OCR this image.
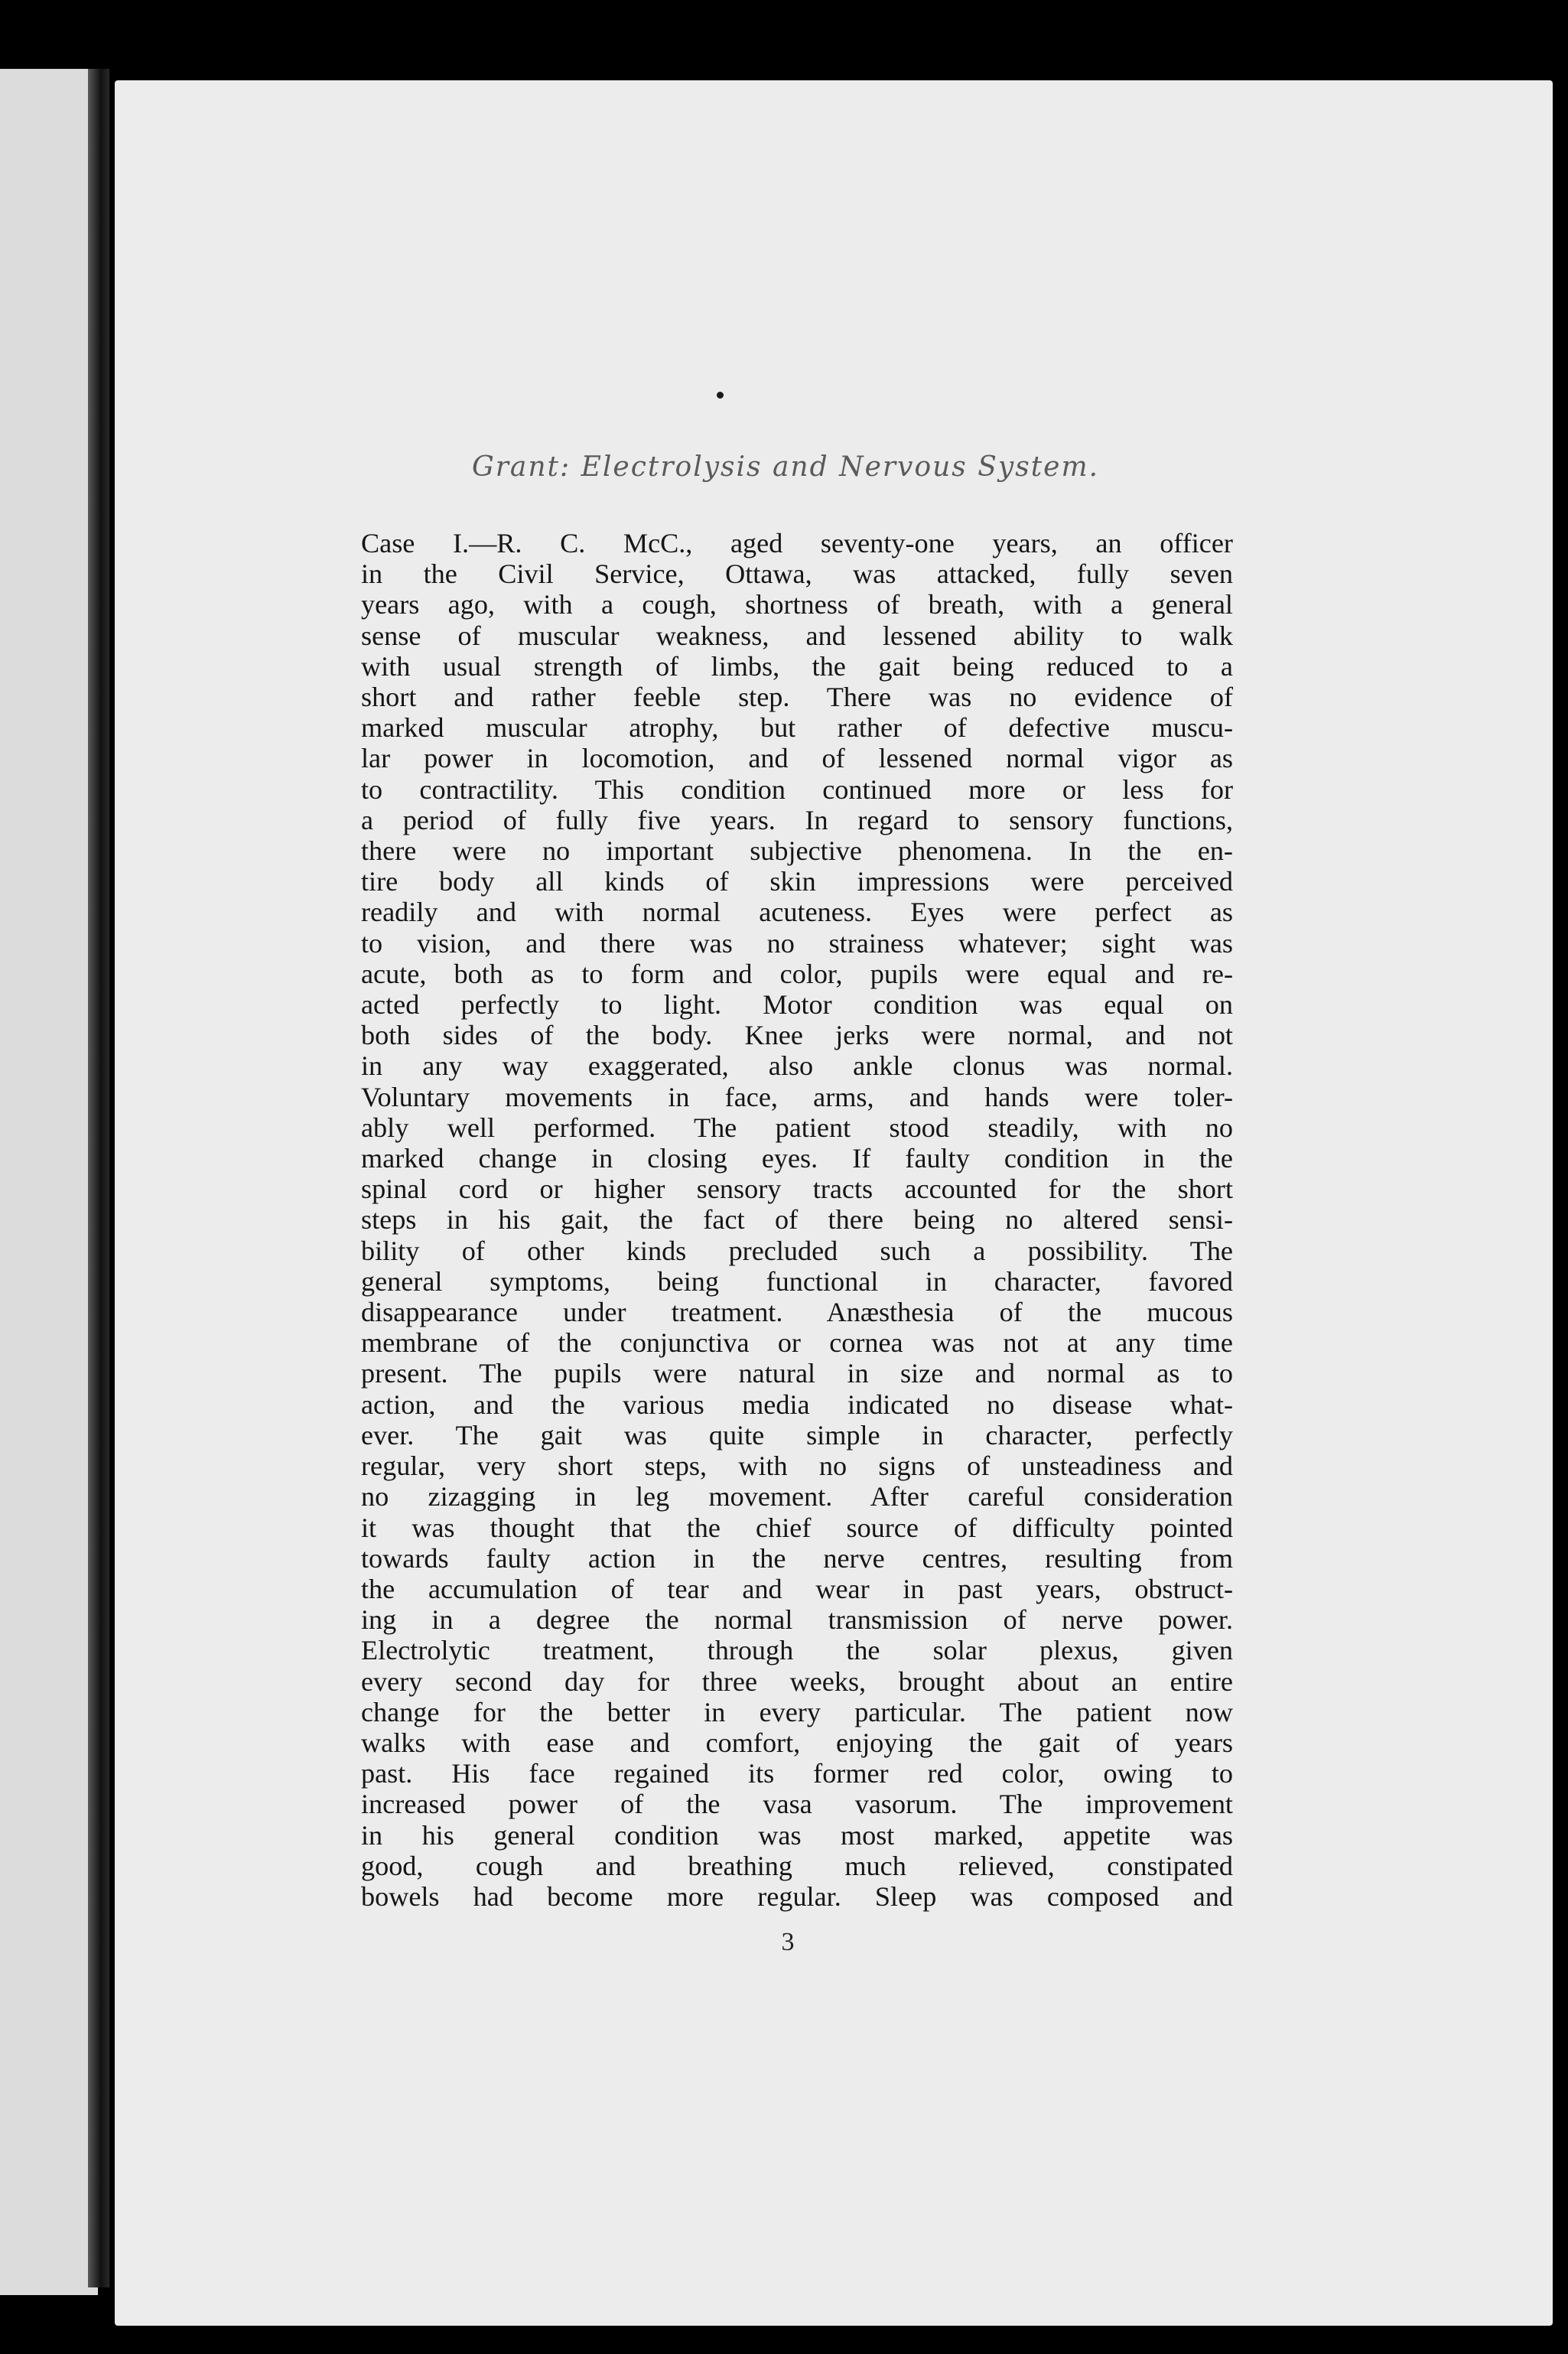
Grant: Electrolysis and Nervous System.

Case I.—R. C. McC., aged seventy-one years, an officer
in the Civil Service, Ottawa, was attacked, fully seven
years ago, with a cough, shortness of breath, with a general
sense of muscular weakness, and lessened ability to walk
with usual strength of limbs, the gait being reduced to a
short and rather feeble step. There was no evidence of
marked muscular atrophy, but rather of defective muscu-
lar power in locomotion, and of lessened normal vigor as
to contractility. This condition continued more or less for
a period of fully five years. In regard to sensory functions,
there were no important subjective phenomena. In the en-
tire body all kinds of skin impressions were perceived
readily and with normal acuteness. Eyes were perfect as
to vision, and there was no strainess whatever; sight was
acute, both as to form and color, pupils were equal and re-
acted perfectly to light. Motor condition was equal on
both sides of the body. Knee jerks were normal, and not
in any way exaggerated, also ankle clonus was normal.
Voluntary movements in face, arms, and hands were toler-
ably well performed. The patient stood steadily, with no
marked change in closing eyes. If faulty condition in the
spinal cord or higher sensory tracts accounted for the short
steps in his gait, the fact of there being no altered sensi-
bility of other kinds precluded such a possibility. The
general symptoms, being functional in character, favored
disappearance under treatment. Anæsthesia of the mucous
membrane of the conjunctiva or cornea was not at any time
present. The pupils were natural in size and normal as to
action, and the various media indicated no disease what-
ever. The gait was quite simple in character, perfectly
regular, very short steps, with no signs of unsteadiness and
no zizagging in leg movement. After careful consideration
it was thought that the chief source of difficulty pointed
towards faulty action in the nerve centres, resulting from
the accumulation of tear and wear in past years, obstruct-
ing in a degree the normal transmission of nerve power.
Electrolytic treatment, through the solar plexus, given
every second day for three weeks, brought about an entire
change for the better in every particular. The patient now
walks with ease and comfort, enjoying the gait of years
past. His face regained its former red color, owing to
increased power of the vasa vasorum. The improvement
in his general condition was most marked, appetite was
good, cough and breathing much relieved, constipated
bowels had become more regular. Sleep was composed and

3
